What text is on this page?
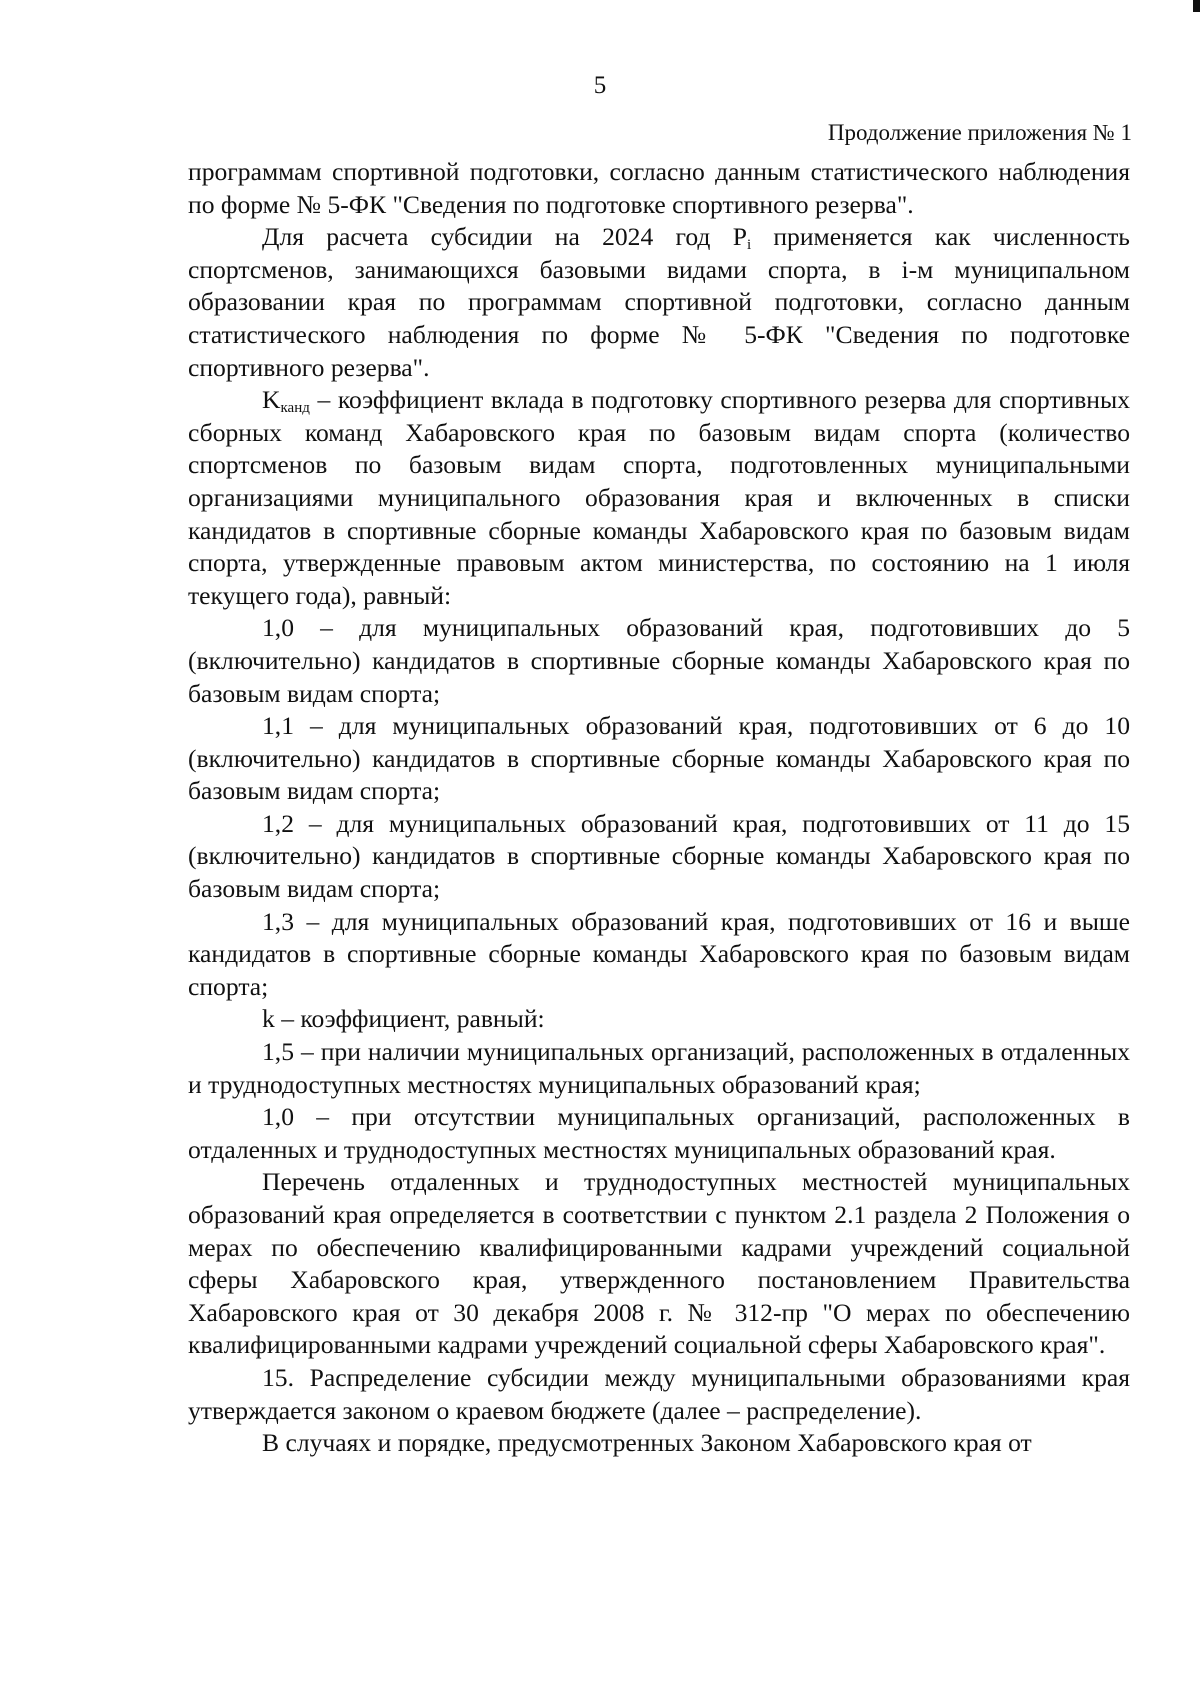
5
Продолжение приложения № 1

программам спортивной подготовки, согласно данным статистического наблюдения по форме № 5-ФК "Сведения по подготовке спортивного резерва".

Для расчета субсидии на 2024 год $P_i$ применяется как численность спортсменов, занимающихся базовыми видами спорта, в i-м муниципальном образовании края по программам спортивной подготовки, согласно данным статистического наблюдения по форме № 5-ФК "Сведения по подготовке спортивного резерва".

$K_{канд}$ – коэффициент вклада в подготовку спортивного резерва для спортивных сборных команд Хабаровского края по базовым видам спорта (количество спортсменов по базовым видам спорта, подготовленных муниципальными организациями муниципального образования края и включенных в списки кандидатов в спортивные сборные команды Хабаровского края по базовым видам спорта, утвержденные правовым актом министерства, по состоянию на 1 июля текущего года), равный:

1,0 – для муниципальных образований края, подготовивших до 5 (включительно) кандидатов в спортивные сборные команды Хабаровского края по базовым видам спорта;

1,1 – для муниципальных образований края, подготовивших от 6 до 10 (включительно) кандидатов в спортивные сборные команды Хабаровского края по базовым видам спорта;

1,2 – для муниципальных образований края, подготовивших от 11 до 15 (включительно) кандидатов в спортивные сборные команды Хабаровского края по базовым видам спорта;

1,3 – для муниципальных образований края, подготовивших от 16 и выше кандидатов в спортивные сборные команды Хабаровского края по базовым видам спорта;

k – коэффициент, равный:

1,5 – при наличии муниципальных организаций, расположенных в отдаленных и труднодоступных местностях муниципальных образований края;

1,0 – при отсутствии муниципальных организаций, расположенных в отдаленных и труднодоступных местностях муниципальных образований края.

Перечень отдаленных и труднодоступных местностей муниципальных образований края определяется в соответствии с пунктом 2.1 раздела 2 Положения о мерах по обеспечению квалифицированными кадрами учреждений социальной сферы Хабаровского края, утвержденного постановлением Правительства Хабаровского края от 30 декабря 2008 г. № 312-пр "О мерах по обеспечению квалифицированными кадрами учреждений социальной сферы Хабаровского края".

15. Распределение субсидии между муниципальными образованиями края утверждается законом о краевом бюджете (далее – распределение).

В случаях и порядке, предусмотренных Законом Хабаровского края от
